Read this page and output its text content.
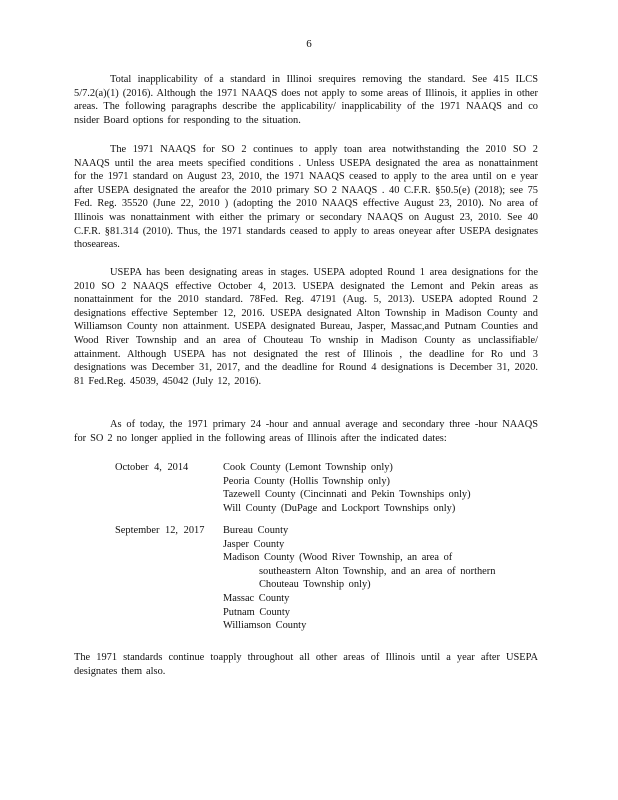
6

Total inapplicability of a standard in Illinoi srequires removing the standard. See 415 ILCS 5/7.2(a)(1) (2016). Although the 1971 NAAQS does not apply to some areas of Illinois, it applies in other areas. The following paragraphs describe the applicability/ inapplicability of the 1971 NAAQS and co nsider Board options for responding to the situation.

The 1971 NAAQS for SO 2 continues to apply toan area notwithstanding the 2010 SO 2 NAAQS until the area meets specified conditions . Unless USEPA designated the area as nonattainment for the 1971 standard on August 23, 2010, the 1971 NAAQS ceased to apply to the area until on e year after USEPA designated the areafor the 2010 primary SO 2 NAAQS . 40 C.F.R. §50.5(e) (2018); see 75 Fed. Reg. 35520 (June 22, 2010 ) (adopting the 2010 NAAQS effective August 23, 2010). No area of Illinois was nonattainment with either the primary or secondary NAAQS on August 23, 2010. See 40 C.F.R. §81.314 (2010). Thus, the 1971 standards ceased to apply to areas oneyear after USEPA designates thoseareas.

USEPA has been designating areas in stages. USEPA adopted Round 1 area designations for the 2010 SO 2 NAAQS effective October 4, 2013. USEPA designated the Lemont and Pekin areas as nonattainment for the 2010 standard. 78Fed. Reg. 47191 (Aug. 5, 2013). USEPA adopted Round 2 designations effective September 12, 2016. USEPA designated Alton Township in Madison County and Williamson County non attainment. USEPA designated Bureau, Jasper, Massac,and Putnam Counties and Wood River Township and an area of Chouteau To wnship in Madison County as unclassifiable/ attainment. Although USEPA has not designated the rest of Illinois , the deadline for Ro und 3 designations was December 31, 2017, and the deadline for Round 4 designations is December 31, 2020. 81 Fed.Reg. 45039, 45042 (July 12, 2016).

As of today, the 1971 primary 24 -hour and annual average and secondary three -hour NAAQS for SO 2 no longer applied in the following areas of Illinois after the indicated dates:

October 4, 2014	Cook County (Lemont Township only)
Peoria County (Hollis Township only)
Tazewell County (Cincinnati and Pekin Townships only)
Will County (DuPage and Lockport Townships only)
September 12, 2017	Bureau County
Jasper County
Madison County (Wood River Township, an area of
southeastern Alton Township, and an area of northern
Chouteau Township only)
Massac County
Putnam County
Williamson County

The 1971 standards continue toapply throughout all other areas of Illinois until a year after USEPA designates them also.
